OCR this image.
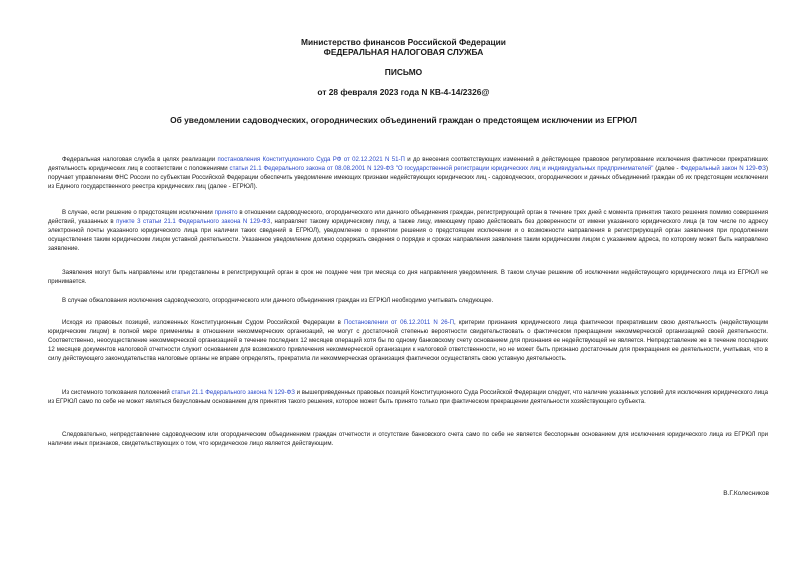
Министерство финансов Российской Федерации
ФЕДЕРАЛЬНАЯ НАЛОГОВАЯ СЛУЖБА
ПИСЬМО
от 28 февраля 2023 года N КВ-4-14/2326@
Об уведомлении садоводческих, огороднических объединений граждан о предстоящем исключении из ЕГРЮЛ

Федеральная налоговая служба в целях реализации постановления Конституционного Суда РФ от 02.12.2021 N 51-П и до внесения соответствующих изменений в действующее правовое регулирование исключения фактически прекративших деятельность юридических лиц в соответствии с положениями статьи 21.1 Федерального закона от 08.08.2001 N 129-ФЗ "О государственной регистрации юридических лиц и индивидуальных предпринимателей" (далее - Федеральный закон N 129-ФЗ) поручает управлениям ФНС России по субъектам Российской Федерации обеспечить уведомление имеющих признаки недействующих юридических лиц - садоводческих, огороднических и дачных объединений граждан об их предстоящем исключении из Единого государственного реестра юридических лиц (далее - ЕГРЮЛ).

В случае, если решение о предстоящем исключении принято в отношении садоводческого, огороднического или дачного объединения граждан, регистрирующий орган в течение трех дней с момента принятия такого решения помимо совершения действий, указанных в пункте 3 статьи 21.1 Федерального закона N 129-ФЗ, направляет такому юридическому лицу, а также лицу, имеющему право действовать без доверенности от имени указанного юридического лица (в том числе по адресу электронной почты указанного юридического лица при наличии таких сведений в ЕГРЮЛ), уведомление о принятии решения о предстоящем исключении и о возможности направления в регистрирующий орган заявления при продолжении осуществления таким юридическим лицом уставной деятельности. Указанное уведомление должно содержать сведения о порядке и сроках направления заявления таким юридическим лицом с указанием адреса, по которому может быть направлено заявление.

Заявления могут быть направлены или представлены в регистрирующий орган в срок не позднее чем три месяца со дня направления уведомления. В таком случае решение об исключении недействующего юридического лица из ЕГРЮЛ не принимается.

В случае обжалования исключения садоводческого, огороднического или дачного объединения граждан из ЕГРЮЛ необходимо учитывать следующее.

Исходя из правовых позиций, изложенных Конституционным Судом Российской Федерации в Постановлении от 06.12.2011 N 26-П, критерии признания юридического лица фактически прекратившим свою деятельность (недействующим юридическим лицом) в полной мере применимы в отношении некоммерческих организаций, не могут с достаточной степенью вероятности свидетельствовать о фактическом прекращении некоммерческой организацией своей деятельности. Соответственно, неосуществление некоммерческой организацией в течение последних 12 месяцев операций хотя бы по одному банковскому счету основанием для признания ее недействующей не является. Непредставление же в течение последних 12 месяцев документов налоговой отчетности служит основанием для возможного привлечения некоммерческой организации к налоговой ответственности, но не может быть признано достаточным для прекращения ее деятельности, учитывая, что в силу действующего законодательства налоговые органы не вправе определять, прекратила ли некоммерческая организация фактически осуществлять свою уставную деятельность.

Из системного толкования положений статьи 21.1 Федерального закона N 129-ФЗ и вышеприведенных правовых позиций Конституционного Суда Российской Федерации следует, что наличие указанных условий для исключения юридического лица из ЕГРЮЛ само по себе не может являться безусловным основанием для принятия такого решения, которое может быть принято только при фактическом прекращении деятельности хозяйствующего субъекта.

Следовательно, непредставление садоводческим или огородническим объединением граждан отчетности и отсутствие банковского счета само по себе не является бесспорным основанием для исключения юридического лица из ЕГРЮЛ при наличии иных признаков, свидетельствующих о том, что юридическое лицо является действующим.

В.Г.Колесников
